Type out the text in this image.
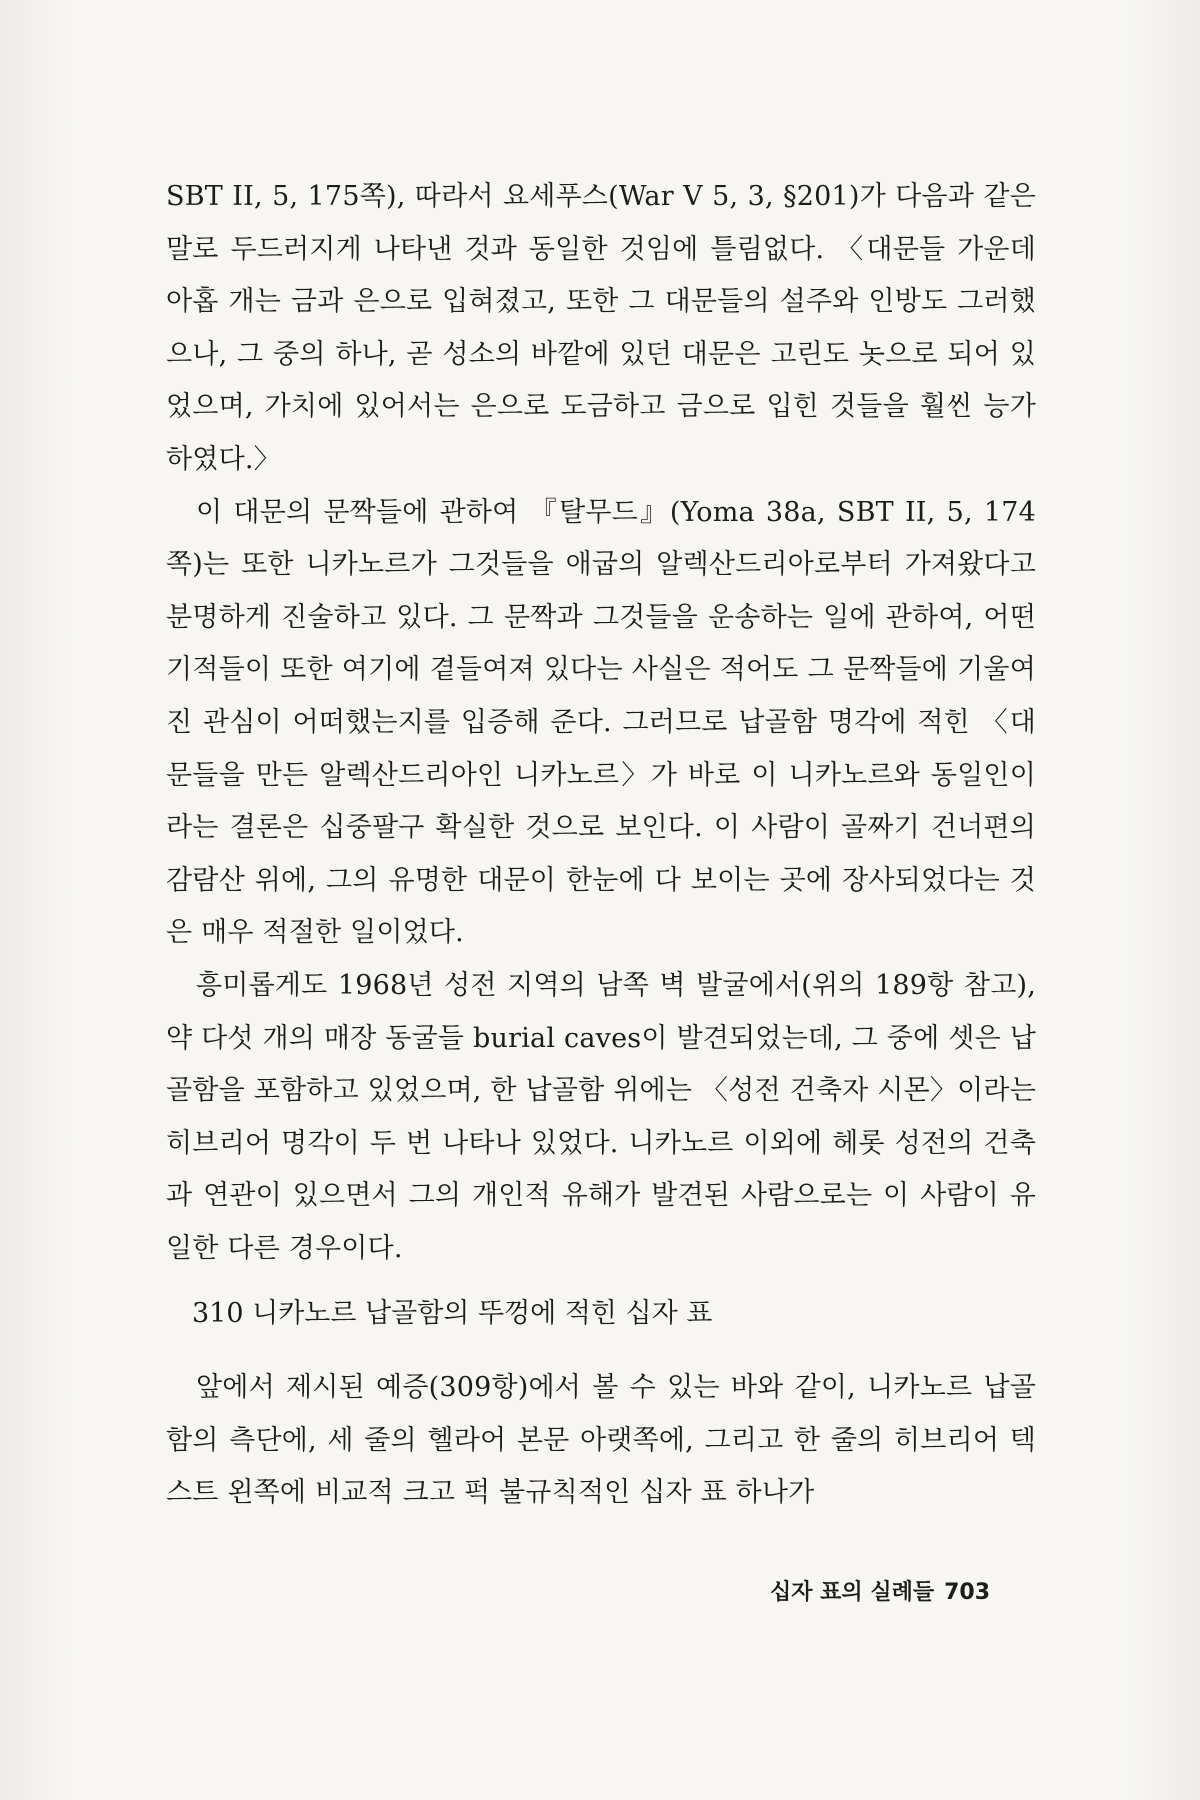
SBT II, 5, 175쪽), 따라서 요세푸스(War V 5, 3, §201)가 다음과 같은 말로 두드러지게 나타낸 것과 동일한 것임에 틀림없다. 〈대문들 가운데 아홉 개는 금과 은으로 입혀졌고, 또한 그 대문들의 설주와 인방도 그러했으나, 그 중의 하나, 곧 성소의 바깥에 있던 대문은 고린도 놋으로 되어 있었으며, 가치에 있어서는 은으로 도금하고 금으로 입힌 것들을 훨씬 능가하였다.〉

이 대문의 문짝들에 관하여 『탈무드』(Yoma 38a, SBT II, 5, 174쪽)는 또한 니카노르가 그것들을 애굽의 알렉산드리아로부터 가져왔다고 분명하게 진술하고 있다. 그 문짝과 그것들을 운송하는 일에 관하여, 어떤 기적들이 또한 여기에 곁들여져 있다는 사실은 적어도 그 문짝들에 기울여진 관심이 어떠했는지를 입증해 준다. 그러므로 납골함 명각에 적힌 〈대문들을 만든 알렉산드리아인 니카노르〉가 바로 이 니카노르와 동일인이라는 결론은 십중팔구 확실한 것으로 보인다. 이 사람이 골짜기 건너편의 감람산 위에, 그의 유명한 대문이 한눈에 다 보이는 곳에 장사되었다는 것은 매우 적절한 일이었다.

흥미롭게도 1968년 성전 지역의 남쪽 벽 발굴에서(위의 189항 참고), 약 다섯 개의 매장 동굴들 burial caves이 발견되었는데, 그 중에 셋은 납골함을 포함하고 있었으며, 한 납골함 위에는 〈성전 건축자 시몬〉이라는 히브리어 명각이 두 번 나타나 있었다. 니카노르 이외에 헤롯 성전의 건축과 연관이 있으면서 그의 개인적 유해가 발견된 사람으로는 이 사람이 유일한 다른 경우이다.

310 니카노르 납골함의 뚜껑에 적힌 십자 표

앞에서 제시된 예증(309항)에서 볼 수 있는 바와 같이, 니카노르 납골함의 측단에, 세 줄의 헬라어 본문 아랫쪽에, 그리고 한 줄의 히브리어 텍스트 왼쪽에 비교적 크고 퍽 불규칙적인 십자 표 하나가

십자 표의 실례들 703
